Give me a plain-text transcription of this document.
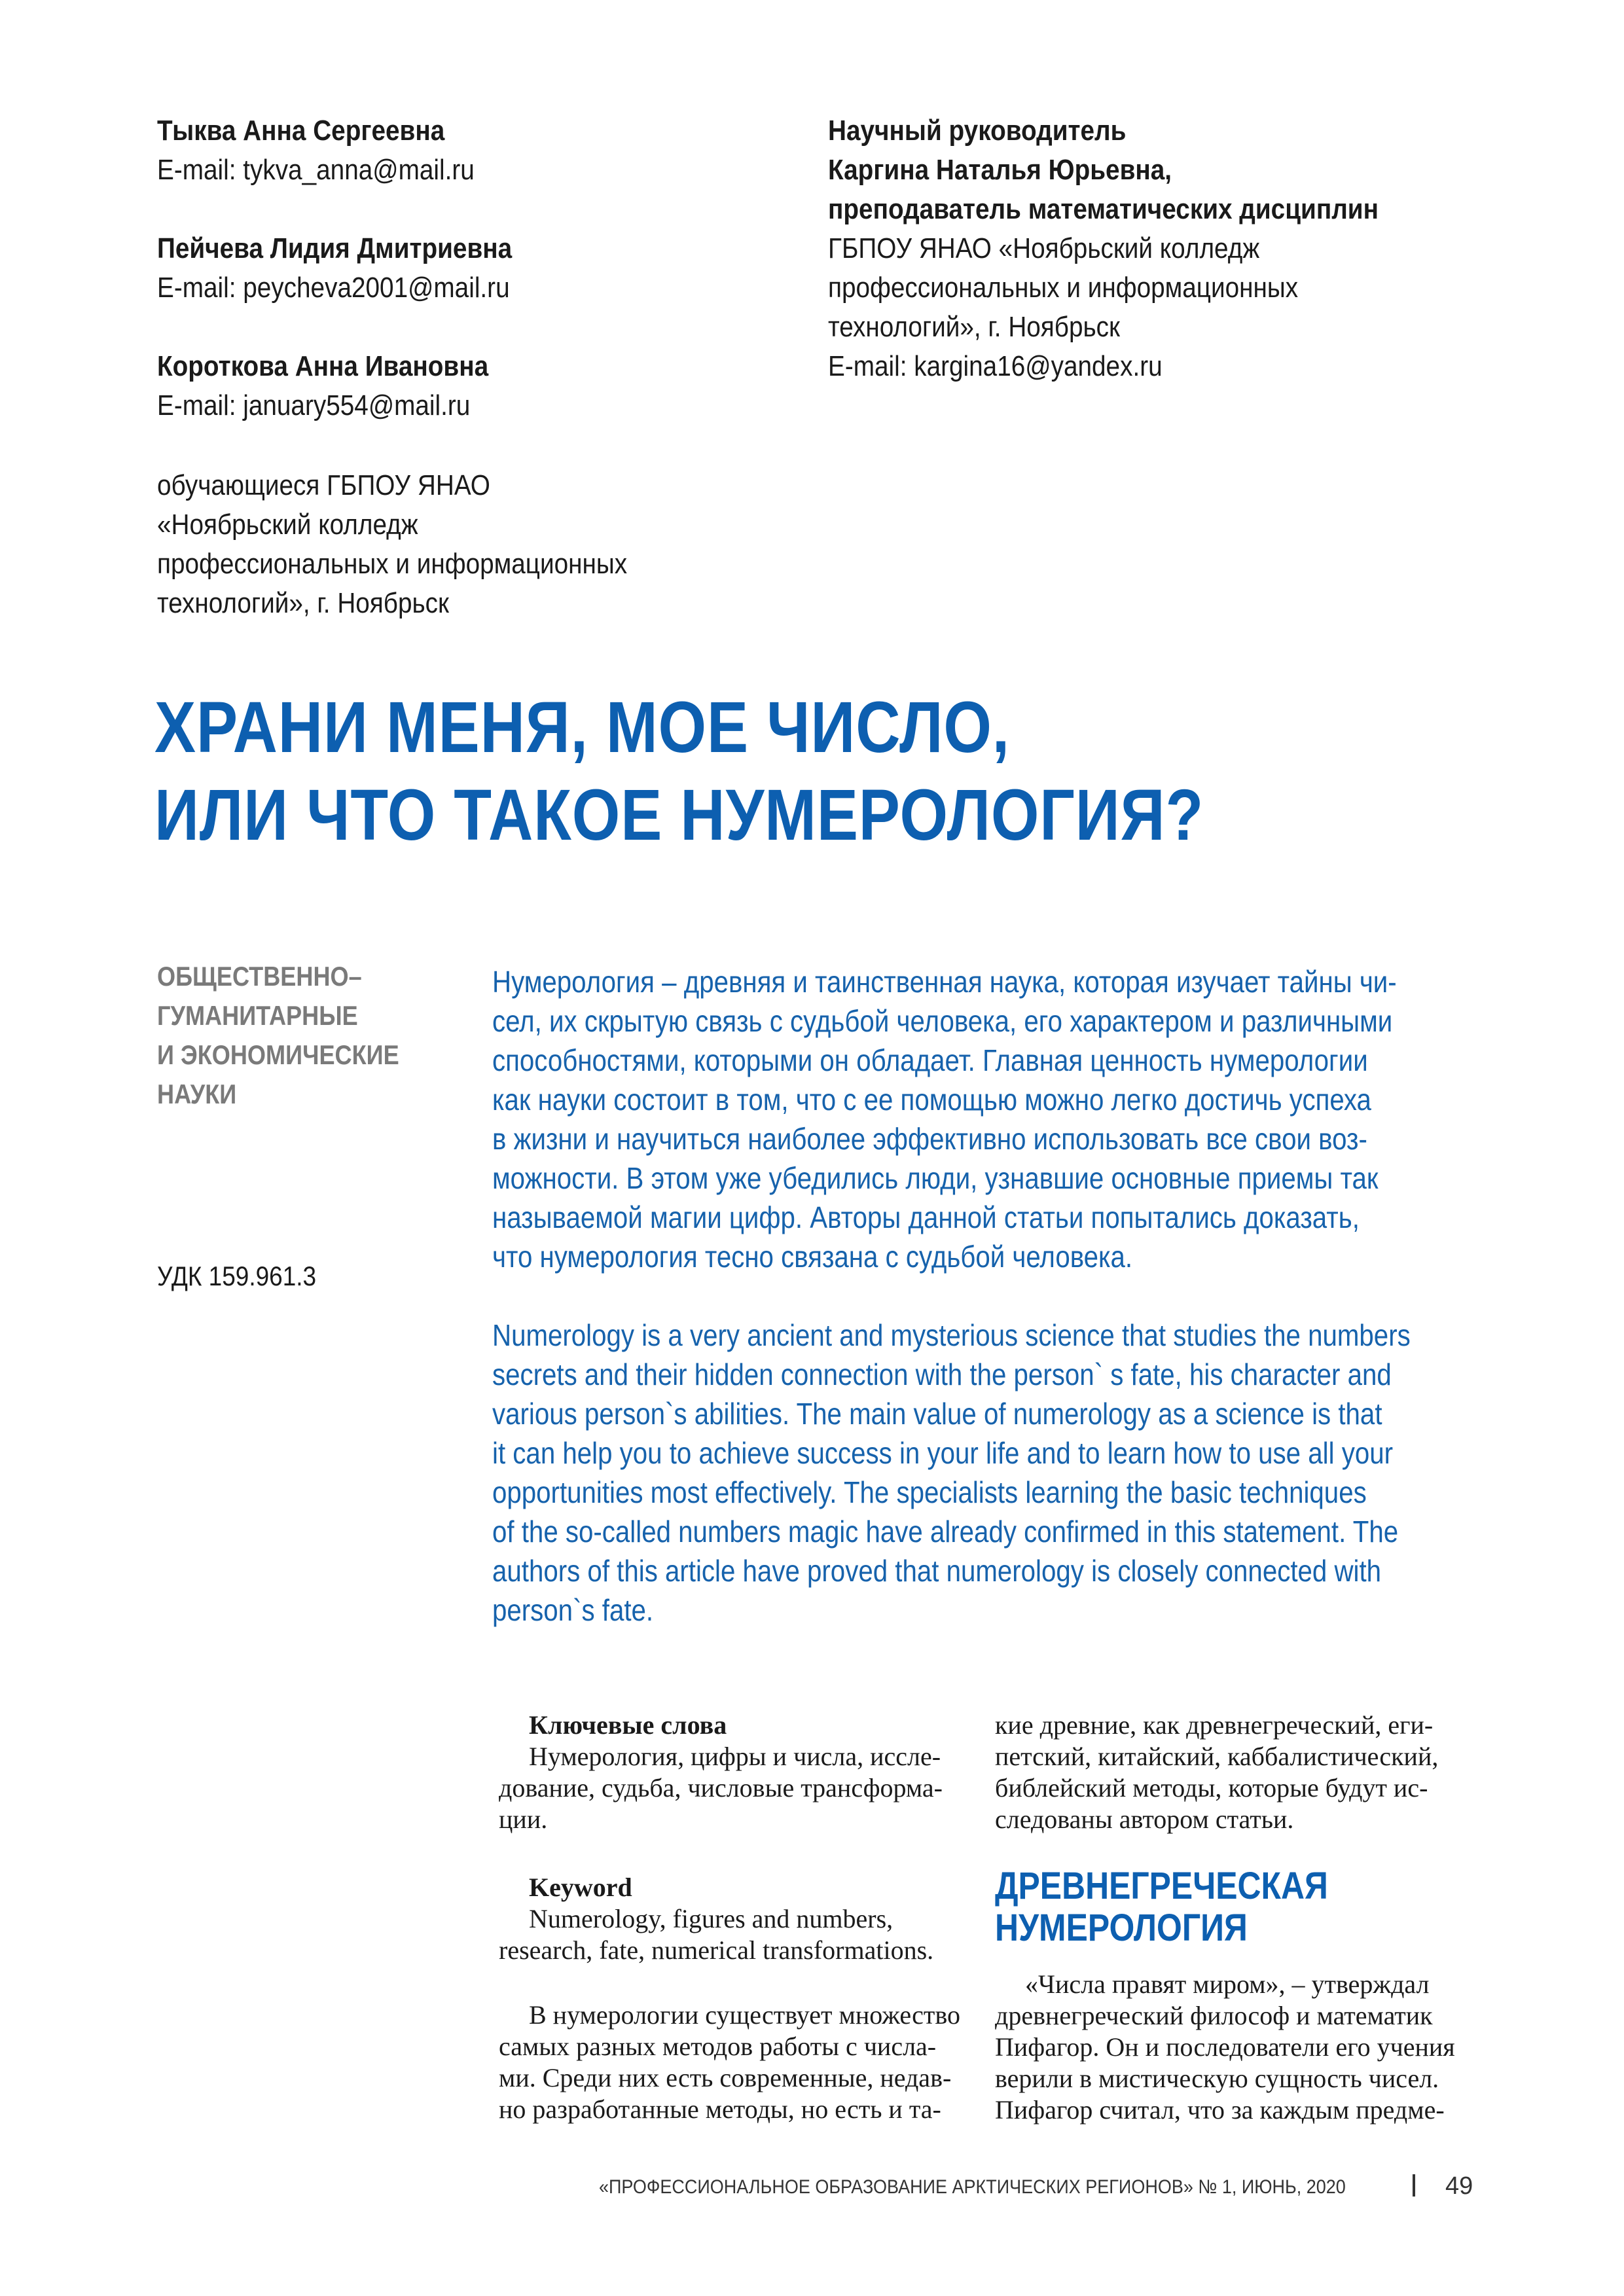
Тыква Анна Сергеевна
E-mail: tykva_anna@mail.ru
Пейчева Лидия Дмитриевна
E-mail: peycheva2001@mail.ru
Короткова Анна Ивановна
E-mail: january554@mail.ru
обучающиеся ГБПОУ ЯНАО
«Ноябрьский колледж
профессиональных и информационных
технологий», г. Ноябрьск
Научный руководитель
Каргина Наталья Юрьевна,
преподаватель математических дисциплин
ГБПОУ ЯНАО «Ноябрьский колледж
профессиональных и информационных
технологий», г. Ноябрьск
E-mail: kargina16@yandex.ru
ХРАНИ МЕНЯ, МОЕ ЧИСЛО,
ИЛИ ЧТО ТАКОЕ НУМЕРОЛОГИЯ?
ОБЩЕСТВЕННО–
ГУМАНИТАРНЫЕ
И ЭКОНОМИЧЕСКИЕ
НАУКИ
УДК 159.961.3
Нумерология – древняя и таинственная наука, которая изучает тайны чи-
сел, их скрытую связь с судьбой человека, его характером и различными
способностями, которыми он обладает. Главная ценность нумерологии
как науки состоит в том, что с ее помощью можно легко достичь успеха
в жизни и научиться наиболее эффективно использовать все свои воз-
можности. В этом уже убедились люди, узнавшие основные приемы так
называемой магии цифр. Авторы данной статьи попытались доказать,
что нумерология тесно связана с судьбой человека.
Numerology is a very ancient and mysterious science that studies the numbers
secrets and their hidden connection with the person` s fate, his character and
various person`s abilities. The main value of numerology as a science is that
it can help you to achieve success in your life and to learn how to use all your
opportunities most effectively. The specialists learning the basic techniques
of the so-called numbers magic have already confirmed in this statement. The
authors of this article have proved that numerology is closely connected with
person`s fate.
Ключевые слова
Нумерология, цифры и числа, иссле-
дование, судьба, числовые трансформа-
ции.
Keyword
Numerology, figures and numbers,
research, fate, numerical transformations.
В нумерологии существует множество
самых разных методов работы с числа-
ми. Среди них есть современные, недав-
но разработанные методы, но есть и та-
кие древние, как древнегреческий, еги-
петский, китайский, каббалистический,
библейский методы, которые будут ис-
следованы автором статьи.
ДРЕВНЕГРЕЧЕСКАЯ
НУМЕРОЛОГИЯ
«Числа правят миром», – утверждал
древнегреческий философ и математик
Пифагор. Он и последователи его учения
верили в мистическую сущность чисел.
Пифагор считал, что за каждым предме-
«ПРОФЕССИОНАЛЬНОЕ ОБРАЗОВАНИЕ АРКТИЧЕСКИХ РЕГИОНОВ» № 1, ИЮНЬ, 2020	49
